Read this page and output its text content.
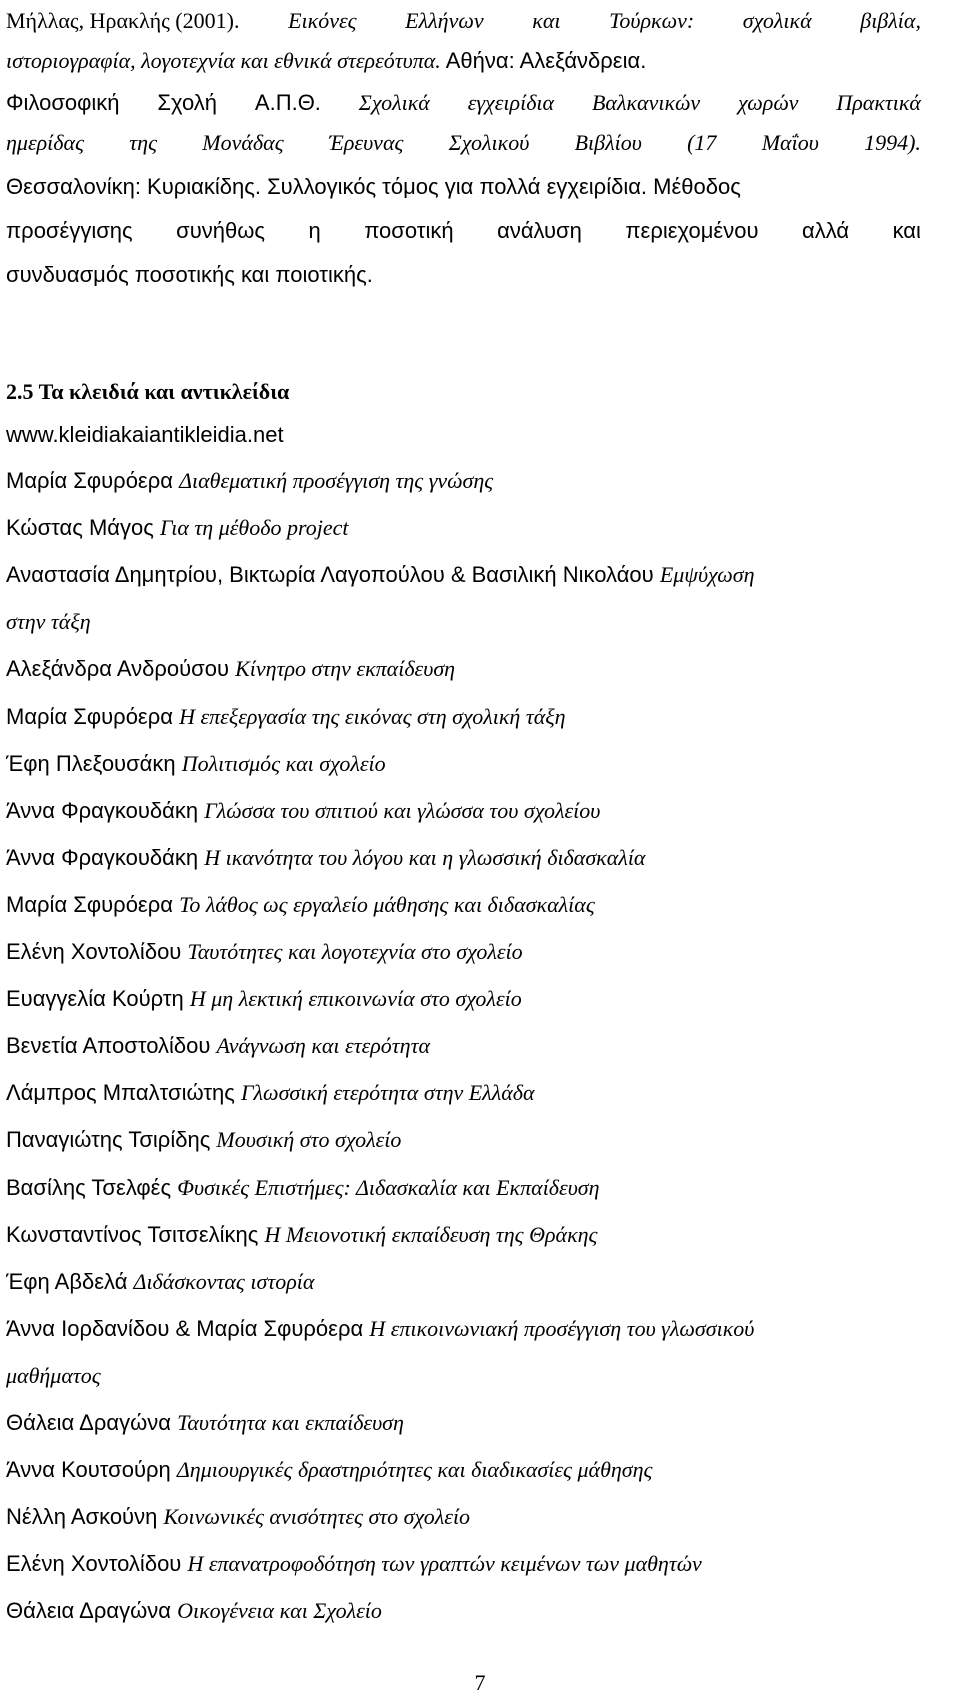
Μήλλας, Ηρακλής (2001). Εικόνες Ελλήνων και Τούρκων: σχολικά βιβλία,
ιστοριογραφία, λογοτεχνία και εθνικά στερεότυπα. Αθήνα: Αλεξάνδρεια.
Φιλοσοφική Σχολή Α.Π.Θ. Σχολικά εγχειρίδια Βαλκανικών χωρών Πρακτικά
ημερίδας της Μονάδας Έρευνας Σχολικού Βιβλίου (17 Μαΐου 1994).
Θεσσαλονίκη: Κυριακίδης. Συλλογικός τόμος για πολλά εγχειρίδια. Μέθοδος
προσέγγισης συνήθως η ποσοτική ανάλυση περιεχομένου αλλά και
συνδυασμός ποσοτικής και ποιοτικής.
2.5 Τα κλειδιά και αντικλείδια
www.kleidiakaiantikleidia.net
Μαρία Σφυρόερα Διαθεματική προσέγγιση της γνώσης
Κώστας Μάγος Για τη μέθοδο project
Αναστασία Δημητρίου, Βικτωρία Λαγοπούλου & Βασιλική Νικολάου Εμψύχωση
στην τάξη
Αλεξάνδρα Ανδρούσου Κίνητρο στην εκπαίδευση
Μαρία Σφυρόερα Η επεξεργασία της εικόνας στη σχολική τάξη
Έφη Πλεξουσάκη Πολιτισμός και σχολείο
Άννα Φραγκουδάκη Γλώσσα του σπιτιού και γλώσσα του σχολείου
Άννα Φραγκουδάκη Η ικανότητα του λόγου και η γλωσσική διδασκαλία
Μαρία Σφυρόερα Το λάθος ως εργαλείο μάθησης και διδασκαλίας
Ελένη Χοντολίδου Ταυτότητες και λογοτεχνία στο σχολείο
Ευαγγελία Κούρτη Η μη λεκτική επικοινωνία στο σχολείο
Βενετία Αποστολίδου Ανάγνωση και ετερότητα
Λάμπρος Μπαλτσιώτης Γλωσσική ετερότητα στην Ελλάδα
Παναγιώτης Τσιρίδης Μουσική στο σχολείο
Βασίλης Τσελφές Φυσικές Επιστήμες: Διδασκαλία και Εκπαίδευση
Κωνσταντίνος Τσιτσελίκης Η Μειονοτική εκπαίδευση της Θράκης
Έφη Αβδελά Διδάσκοντας ιστορία
Άννα Ιορδανίδου & Μαρία Σφυρόερα Η επικοινωνιακή προσέγγιση του γλωσσικού
μαθήματος
Θάλεια Δραγώνα Ταυτότητα και εκπαίδευση
Άννα Κουτσούρη Δημιουργικές δραστηριότητες και διαδικασίες μάθησης
Νέλλη Ασκούνη Κοινωνικές ανισότητες στο σχολείο
Ελένη Χοντολίδου Η επανατροφοδότηση των γραπτών κειμένων των μαθητών
Θάλεια Δραγώνα Οικογένεια και Σχολείο
7
